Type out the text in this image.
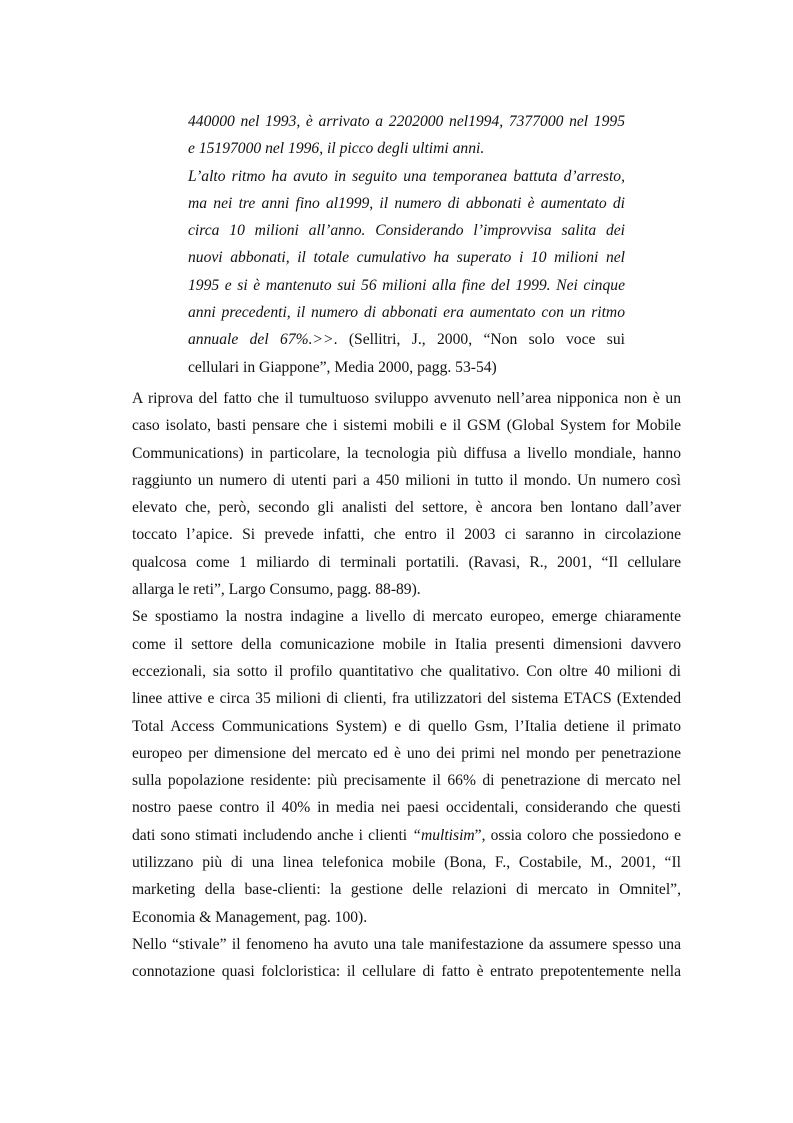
440000 nel 1993, è arrivato a 2202000 nel1994, 7377000 nel 1995
e 15197000 nel 1996, il picco degli ultimi anni.
L’alto ritmo ha avuto in seguito una temporanea battuta d’arresto,
ma nei tre anni fino al1999, il numero di abbonati è aumentato di
circa 10 milioni all’anno. Considerando l’improvvisa salita dei
nuovi abbonati, il totale cumulativo ha superato i 10 milioni nel
1995 e si è mantenuto sui 56 milioni alla fine del 1999. Nei cinque
anni precedenti, il numero di abbonati era aumentato con un ritmo
annuale del 67%.>>. (Sellitri, J., 2000, “Non solo voce sui
cellulari in Giappone”, Media 2000, pagg. 53-54)
A riprova del fatto che il tumultuoso sviluppo avvenuto nell’area nipponica non è un
caso isolato, basti pensare che i sistemi mobili e il GSM (Global System for Mobile
Communications) in particolare, la tecnologia più diffusa a livello mondiale, hanno
raggiunto un numero di utenti pari a 450 milioni in tutto il mondo. Un numero così
elevato che, però, secondo gli analisti del settore, è ancora ben lontano dall’aver
toccato l’apice. Si prevede infatti, che entro il 2003 ci saranno in circolazione
qualcosa come 1 miliardo di terminali portatili. (Ravasi, R., 2001, “Il cellulare
allarga le reti”, Largo Consumo, pagg. 88-89).
Se spostiamo la nostra indagine a livello di mercato europeo, emerge chiaramente
come il settore della comunicazione mobile in Italia presenti dimensioni davvero
eccezionali, sia sotto il profilo quantitativo che qualitativo. Con oltre 40 milioni di
linee attive e circa 35 milioni di clienti, fra utilizzatori del sistema ETACS (Extended
Total Access Communications System) e di quello Gsm, l’Italia detiene il primato
europeo per dimensione del mercato ed è uno dei primi nel mondo per penetrazione
sulla popolazione residente: più precisamente il 66% di penetrazione di mercato nel
nostro paese contro il 40% in media nei paesi occidentali, considerando che questi
dati sono stimati includendo anche i clienti “multisim”, ossia coloro che possiedono e
utilizzano più di una linea telefonica mobile (Bona, F., Costabile, M., 2001, “Il
marketing della base-clienti: la gestione delle relazioni di mercato in Omnitel”,
Economia & Management, pag. 100).
Nello “stivale” il fenomeno ha avuto una tale manifestazione da assumere spesso una
connotazione quasi folcloristica: il cellulare di fatto è entrato prepotentemente nella
